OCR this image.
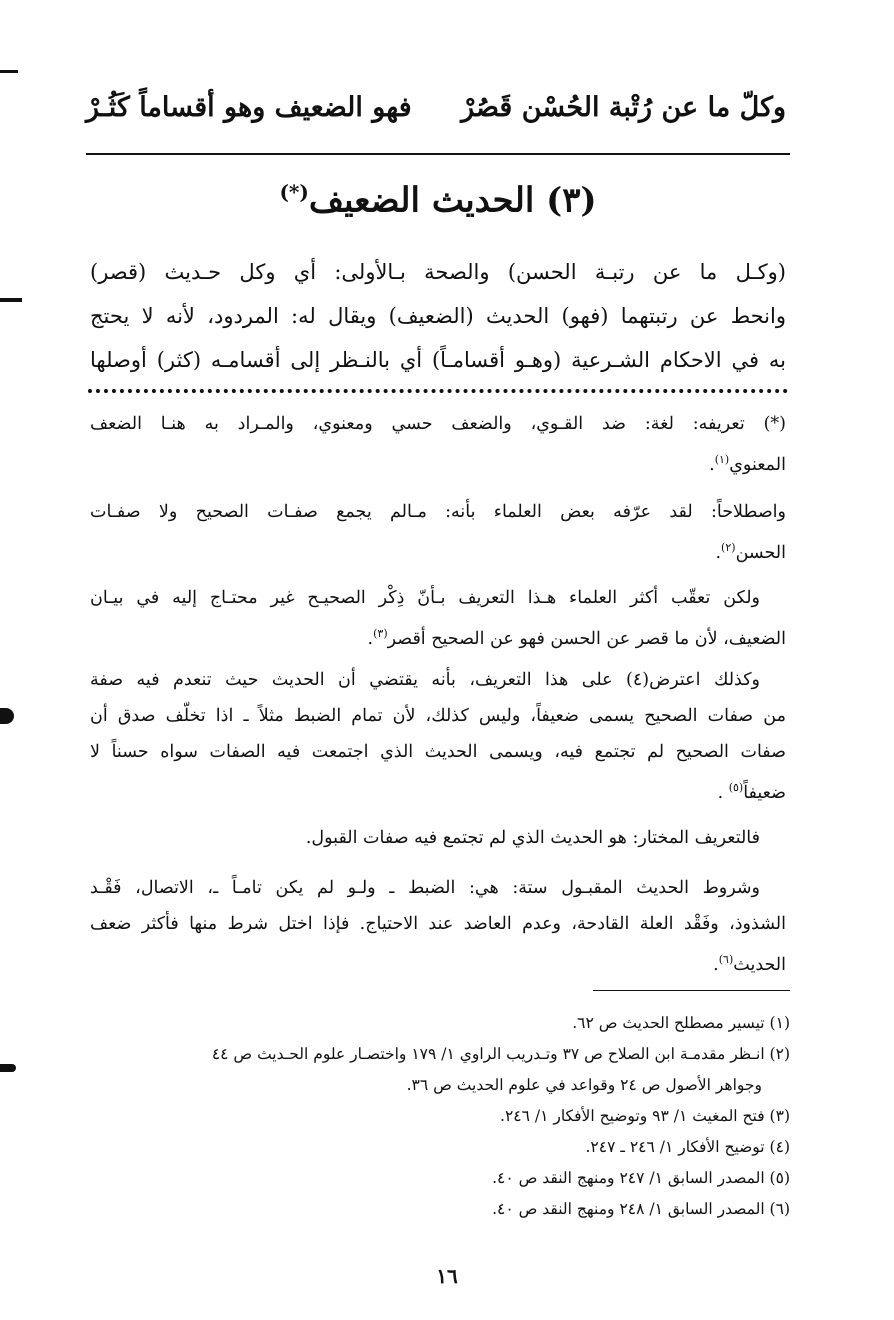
وكلّ ما عن رُتْبة الحُسْن قَصُرْ
فهو الضعيف وهو أقساماً كَثُـرْ
(٣) الحديث الضعيف(*)
(وكـل ما عن رتبـة الحسن) والصحة بـالأولى: أي وكل حـديث (قصر)
وانحط عن رتبتهما (فهو) الحديث (الضعيف) ويقال له: المردود، لأنه لا يحتج
به في الاحكام الشـرعية (وهـو أقسامـاً) أي بالنـظر إلى أقسامـه (كثر) أوصلها
(*) تعريفه: لغة: ضد القـوي، والضعف حسي ومعنوي، والمـراد به هنـا الضعف
المعنوي$^{(١)}$.
واصطلاحاً: لقد عرّفه بعض العلماء بأنه: مـالم يجمع صفـات الصحيح ولا صفـات
الحسن$^{(٢)}$.
ولكن تعقّب أكثر العلماء هـذا التعريف بـأنّ ذِكْر الصحيـح غير محتـاج إليه في بيـان
الضعيف، لأن ما قصر عن الحسن فهو عن الصحيح أقصر$^{(٣)}$.
وكذلك اعترض(٤) على هذا التعريف، بأنه يقتضي أن الحديث حيث تنعدم فيه صفة
من صفات الصحيح يسمى ضعيفاً، وليس كذلك، لأن تمام الضبط مثلاً ـ اذا تخلّف صدق أن
صفات الصحيح لم تجتمع فيه، ويسمى الحديث الذي اجتمعت فيه الصفات سواه حسناً لا
ضعيفاً$^{(٥)}$ .
فالتعريف المختار: هو الحديث الذي لم تجتمع فيه صفات القبول.
وشروط الحديث المقبـول ستة: هي: الضبط ـ ولـو لم يكن تامـاً ـ، الاتصال، فَقْـد
الشذوذ، وفَقْد العلة القادحة، وعدم العاضد عند الاحتياج. فإذا اختل شرط منها فأكثر ضعف
الحديث$^{(٦)}$.
(١) تيسير مصطلح الحديث ص ٦٢.
(٢) انـظر مقدمـة ابن الصلاح ص ٣٧ وتـدريب الراوي ١/ ١٧٩ واختصـار علوم الحـديث ص ٤٤
وجواهر الأصول ص ٢٤ وقواعد في علوم الحديث ص ٣٦.
(٣) فتح المغيث ١/ ٩٣ وتوضيح الأفكار ١/ ٢٤٦.
(٤) توضيح الأفكار ١/ ٢٤٦ ـ ٢٤٧.
(٥) المصدر السابق ١/ ٢٤٧ ومنهج النقد ص ٤٠.
(٦) المصدر السابق ١/ ٢٤٨ ومنهج النقد ص ٤٠.
١٦
